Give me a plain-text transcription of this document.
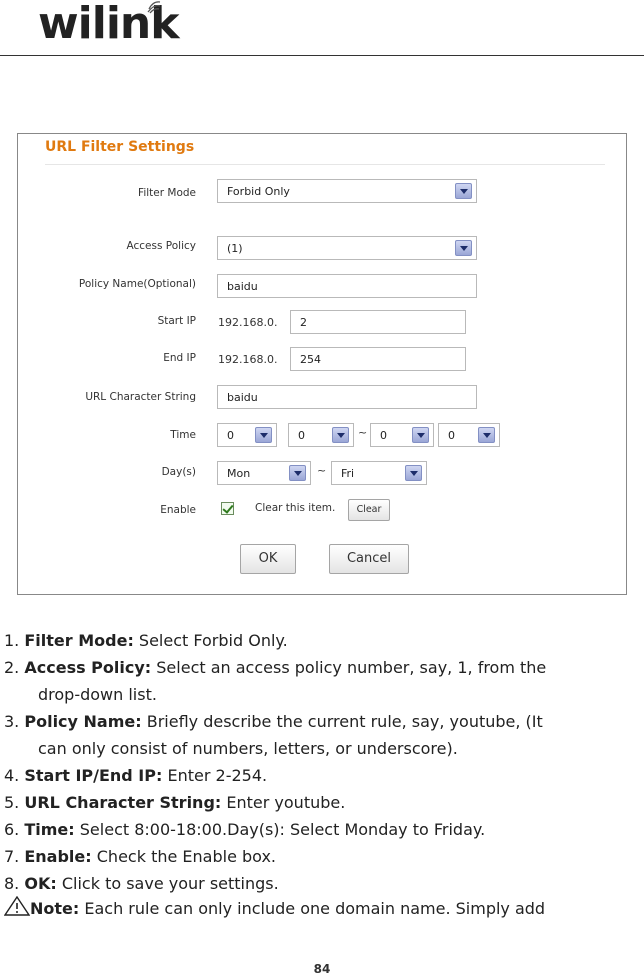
wilink
URL Filter Settings
Filter Mode	Forbid Only
Access Policy	(1)
Policy Name(Optional)	baidu
Start IP 192.168.0.	2
End IP 192.168.0.	254
URL Character String	baidu
Time	0	0	~	0	0
Day(s)	Mon	~	Fri
Enable	Clear this item.	Clear
OK	Cancel
1. Filter Mode: Select Forbid Only.
2. Access Policy: Select an access policy number, say, 1, from the
drop-down list.
3. Policy Name: Briefly describe the current rule, say, youtube, (It
can only consist of numbers, letters, or underscore).
4. Start IP/End IP: Enter 2-254.
5. URL Character String: Enter youtube.
6. Time: Select 8:00-18:00.Day(s): Select Monday to Friday.
7. Enable: Check the Enable box.
8. OK: Click to save your settings.
Note: Each rule can only include one domain name. Simply add
84
